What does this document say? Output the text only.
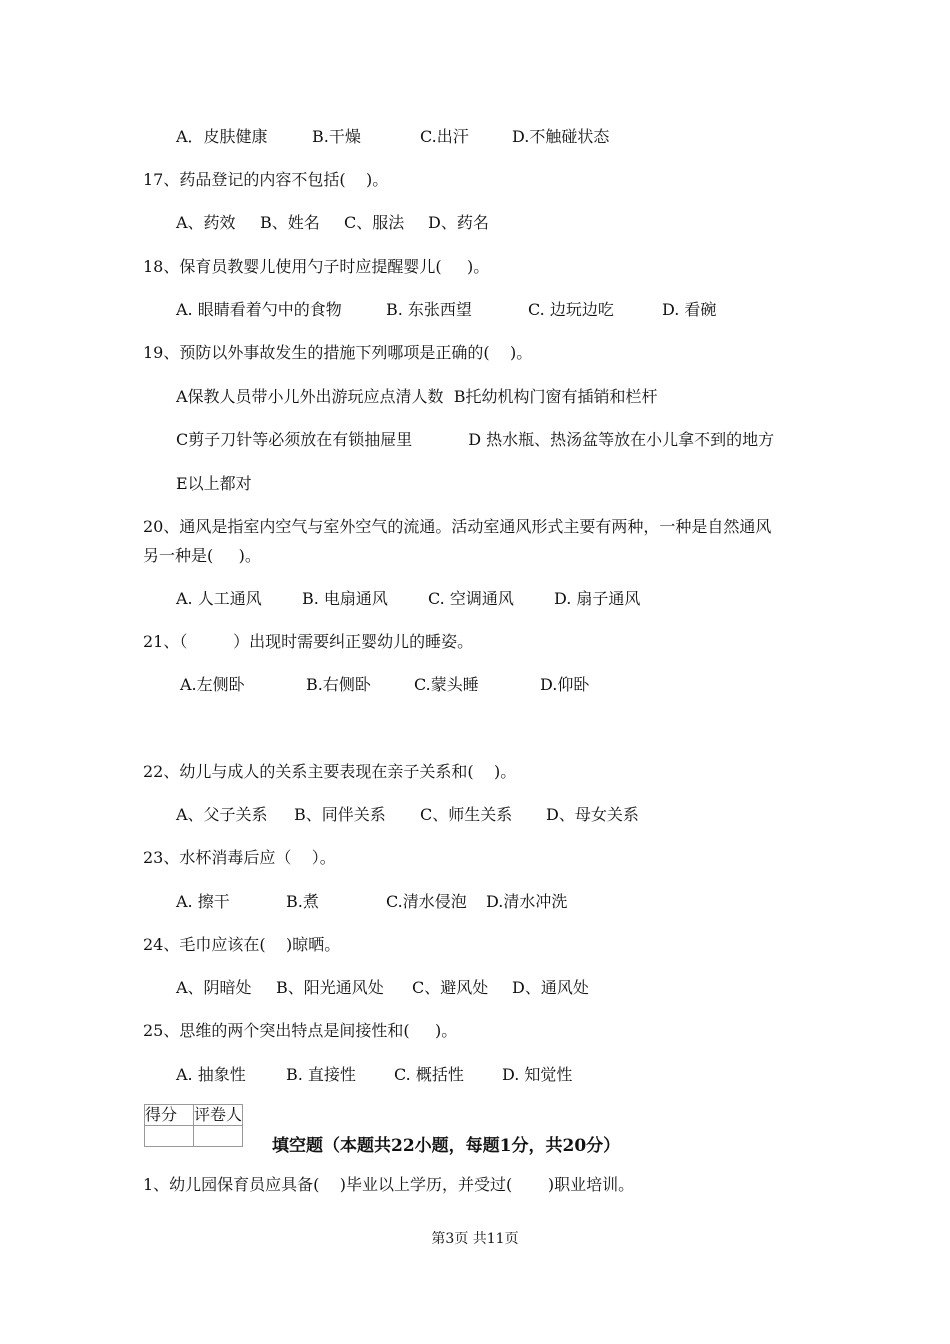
A．皮肤健康	B.干燥	C.出汗	D.不触碰状态
17、药品登记的内容不包括(    )。
A、药效 B、姓名 C、服法 D、药名
18、保育员教婴儿使用勺子时应提醒婴儿(     )。
A. 眼睛看着勺中的食物	B. 东张西望	C. 边玩边吃	D. 看碗
19、预防以外事故发生的措施下列哪项是正确的(    )。
A保教人员带小儿外出游玩应点清人数  B托幼机构门窗有插销和栏杆
C剪子刀针等必须放在有锁抽屉里           D 热水瓶、热汤盆等放在小儿拿不到的地方
E以上都对
20、通风是指室内空气与室外空气的流通。活动室通风形式主要有两种，一种是自然通风
另一种是(     )。
A. 人工通风	B. 电扇通风	C. 空调通风	D. 扇子通风
21、（         ）出现时需要纠正婴幼儿的睡姿。
A.左侧卧	B.右侧卧	C.蒙头睡	D.仰卧
22、幼儿与成人的关系主要表现在亲子关系和(    )。
A、父子关系 B、同伴关系 C、师生关系 D、母女关系
23、水杯消毒后应（    ）。
A. 擦干	B.煮	C.清水侵泡 D.清水冲洗
24、毛巾应该在(    )晾晒。
A、阴暗处 B、阳光通风处 C、避风处 D、通风处
25、思维的两个突出特点是间接性和(     )。
A. 抽象性	B. 直接性 C. 概括性 D. 知觉性
得分	评卷人

填空题（本题共22小题，每题1分，共20分）
1、幼儿园保育员应具备(    )毕业以上学历，并受过(       )职业培训。
第3页 共11页
